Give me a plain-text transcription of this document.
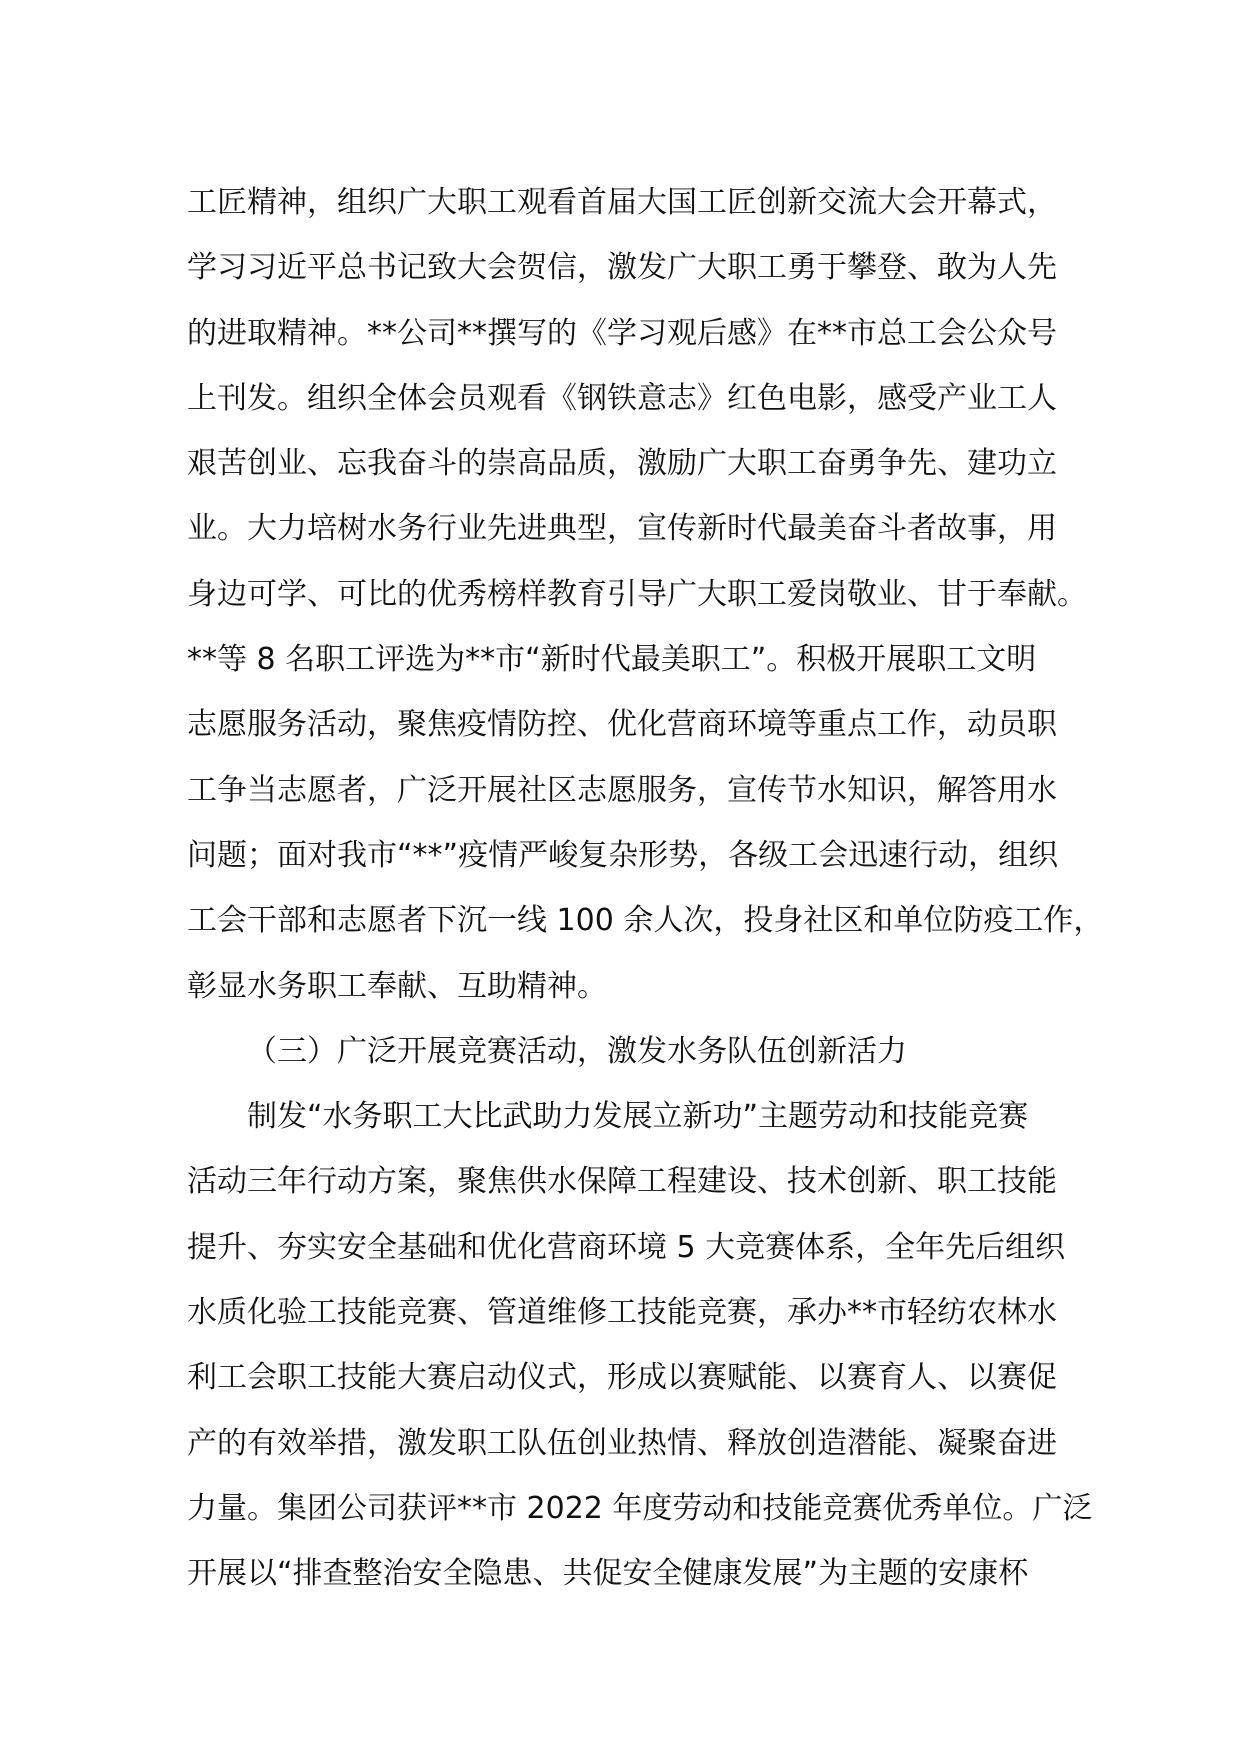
工匠精神，组织广大职工观看首届大国工匠创新交流大会开幕式，
学习习近平总书记致大会贺信，激发广大职工勇于攀登、敢为人先
的进取精神。**公司**撰写的《学习观后感》在**市总工会公众号
上刊发。组织全体会员观看《钢铁意志》红色电影，感受产业工人
艰苦创业、忘我奋斗的崇高品质，激励广大职工奋勇争先、建功立
业。大力培树水务行业先进典型，宣传新时代最美奋斗者故事，用
身边可学、可比的优秀榜样教育引导广大职工爱岗敬业、甘于奉献。
**等 8 名职工评选为**市“新时代最美职工”。积极开展职工文明
志愿服务活动，聚焦疫情防控、优化营商环境等重点工作，动员职
工争当志愿者，广泛开展社区志愿服务，宣传节水知识，解答用水
问题；面对我市“**”疫情严峻复杂形势，各级工会迅速行动，组织
工会干部和志愿者下沉一线 100 余人次，投身社区和单位防疫工作，
彰显水务职工奉献、互助精神。
（三）广泛开展竞赛活动，激发水务队伍创新活力
制发“水务职工大比武助力发展立新功”主题劳动和技能竞赛
活动三年行动方案，聚焦供水保障工程建设、技术创新、职工技能
提升、夯实安全基础和优化营商环境 5 大竞赛体系，全年先后组织
水质化验工技能竞赛、管道维修工技能竞赛，承办**市轻纺农林水
利工会职工技能大赛启动仪式，形成以赛赋能、以赛育人、以赛促
产的有效举措，激发职工队伍创业热情、释放创造潜能、凝聚奋进
力量。集团公司获评**市 2022 年度劳动和技能竞赛优秀单位。广泛
开展以“排查整治安全隐患、共促安全健康发展”为主题的安康杯
